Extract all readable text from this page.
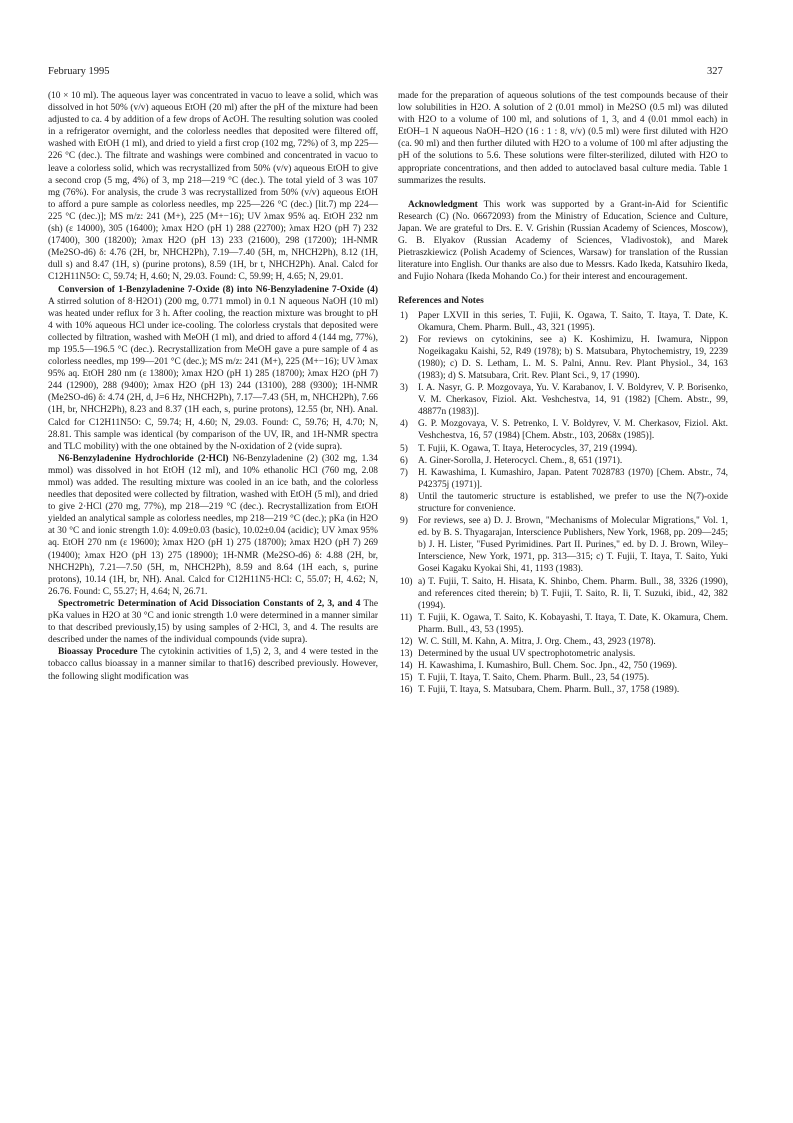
February 1995	327

(10 × 10 ml). The aqueous layer was concentrated in vacuo to leave a solid, which was dissolved in hot 50% (v/v) aqueous EtOH (20 ml) after the pH of the mixture had been adjusted to ca. 4 by addition of a few drops of AcOH. The resulting solution was cooled in a refrigerator overnight, and the colorless needles that deposited were filtered off, washed with EtOH (1 ml), and dried to yield a first crop (102 mg, 72%) of 3, mp 225—226 °C (dec.). The filtrate and washings were combined and concentrated in vacuo to leave a colorless solid, which was recrystallized from 50% (v/v) aqueous EtOH to give a second crop (5 mg, 4%) of 3, mp 218—219 °C (dec.). The total yield of 3 was 107 mg (76%). For analysis, the crude 3 was recrystallized from 50% (v/v) aqueous EtOH to afford a pure sample as colorless needles, mp 225—226 °C (dec.) [lit.7) mp 224—225 °C (dec.)]; MS m/z: 241 (M+), 225 (M+−16); UV λmax 95% aq. EtOH 232 nm (sh) (ε 14000), 305 (16400); λmax H2O (pH 1) 288 (22700); λmax H2O (pH 7) 232 (17400), 300 (18200); λmax H2O (pH 13) 233 (21600), 298 (17200); 1H-NMR (Me2SO-d6) δ: 4.76 (2H, br, NHCH2Ph), 7.19—7.40 (5H, m, NHCH2Ph), 8.12 (1H, dull s) and 8.47 (1H, s) (purine protons), 8.59 (1H, br t, NHCH2Ph). Anal. Calcd for C12H11N5O: C, 59.74; H, 4.60; N, 29.03. Found: C, 59.99; H, 4.65; N, 29.01.

Conversion of 1-Benzyladenine 7-Oxide (8) into N6-Benzyladenine 7-Oxide (4) A stirred solution of 8·H2O1) (200 mg, 0.771 mmol) in 0.1 N aqueous NaOH (10 ml) was heated under reflux for 3 h. After cooling, the reaction mixture was brought to pH 4 with 10% aqueous HCl under ice-cooling. The colorless crystals that deposited were collected by filtration, washed with MeOH (1 ml), and dried to afford 4 (144 mg, 77%), mp 195.5—196.5 °C (dec.). Recrystallization from MeOH gave a pure sample of 4 as colorless needles, mp 199—201 °C (dec.); MS m/z: 241 (M+), 225 (M+−16); UV λmax 95% aq. EtOH 280 nm (ε 13800); λmax H2O (pH 1) 285 (18700); λmax H2O (pH 7) 244 (12900), 288 (9400); λmax H2O (pH 13) 244 (13100), 288 (9300); 1H-NMR (Me2SO-d6) δ: 4.74 (2H, d, J=6 Hz, NHCH2Ph), 7.17—7.43 (5H, m, NHCH2Ph), 7.66 (1H, br, NHCH2Ph), 8.23 and 8.37 (1H each, s, purine protons), 12.55 (br, NH). Anal. Calcd for C12H11N5O: C, 59.74; H, 4.60; N, 29.03. Found: C, 59.76; H, 4.70; N, 28.81. This sample was identical (by comparison of the UV, IR, and 1H-NMR spectra and TLC mobility) with the one obtained by the N-oxidation of 2 (vide supra).

N6-Benzyladenine Hydrochloride (2·HCl) N6-Benzyladenine (2) (302 mg, 1.34 mmol) was dissolved in hot EtOH (12 ml), and 10% ethanolic HCl (760 mg, 2.08 mmol) was added. The resulting mixture was cooled in an ice bath, and the colorless needles that deposited were collected by filtration, washed with EtOH (5 ml), and dried to give 2·HCl (270 mg, 77%), mp 218—219 °C (dec.). Recrystallization from EtOH yielded an analytical sample as colorless needles, mp 218—219 °C (dec.); pKa (in H2O at 30 °C and ionic strength 1.0): 4.09±0.03 (basic), 10.02±0.04 (acidic); UV λmax 95% aq. EtOH 270 nm (ε 19600); λmax H2O (pH 1) 275 (18700); λmax H2O (pH 7) 269 (19400); λmax H2O (pH 13) 275 (18900); 1H-NMR (Me2SO-d6) δ: 4.88 (2H, br, NHCH2Ph), 7.21—7.50 (5H, m, NHCH2Ph), 8.59 and 8.64 (1H each, s, purine protons), 10.14 (1H, br, NH). Anal. Calcd for C12H11N5·HCl: C, 55.07; H, 4.62; N, 26.76. Found: C, 55.27; H, 4.64; N, 26.71.

Spectrometric Determination of Acid Dissociation Constants of 2, 3, and 4 The pKa values in H2O at 30 °C and ionic strength 1.0 were determined in a manner similar to that described previously,15) by using samples of 2·HCl, 3, and 4. The results are described under the names of the individual compounds (vide supra).

Bioassay Procedure The cytokinin activities of 1,5) 2, 3, and 4 were tested in the tobacco callus bioassay in a manner similar to that16) described previously. However, the following slight modification was

made for the preparation of aqueous solutions of the test compounds because of their low solubilities in H2O. A solution of 2 (0.01 mmol) in Me2SO (0.5 ml) was diluted with H2O to a volume of 100 ml, and solutions of 1, 3, and 4 (0.01 mmol each) in EtOH–1 N aqueous NaOH–H2O (16 : 1 : 8, v/v) (0.5 ml) were first diluted with H2O (ca. 90 ml) and then further diluted with H2O to a volume of 100 ml after adjusting the pH of the solutions to 5.6. These solutions were filter-sterilized, diluted with H2O to appropriate concentrations, and then added to autoclaved basal culture media. Table 1 summarizes the results.

Acknowledgment This work was supported by a Grant-in-Aid for Scientific Research (C) (No. 06672093) from the Ministry of Education, Science and Culture, Japan. We are grateful to Drs. E. V. Grishin (Russian Academy of Sciences, Moscow), G. B. Elyakov (Russian Academy of Sciences, Vladivostok), and Marek Pietraszkiewicz (Polish Academy of Sciences, Warsaw) for translation of the Russian literature into English. Our thanks are also due to Messrs. Kado Ikeda, Katsuhiro Ikeda, and Fujio Nohara (Ikeda Mohando Co.) for their interest and encouragement.

References and Notes
1)	Paper LXVII in this series, T. Fujii, K. Ogawa, T. Saito, T. Itaya, T. Date, K. Okamura, Chem. Pharm. Bull., 43, 321 (1995).
2)	For reviews on cytokinins, see a) K. Koshimizu, H. Iwamura, Nippon Nogeikagaku Kaishi, 52, R49 (1978); b) S. Matsubara, Phytochemistry, 19, 2239 (1980); c) D. S. Letham, L. M. S. Palni, Annu. Rev. Plant Physiol., 34, 163 (1983); d) S. Matsubara, Crit. Rev. Plant Sci., 9, 17 (1990).
3)	I. A. Nasyr, G. P. Mozgovaya, Yu. V. Karabanov, I. V. Boldyrev, V. P. Borisenko, V. M. Cherkasov, Fiziol. Akt. Veshchestva, 14, 91 (1982) [Chem. Abstr., 99, 48877n (1983)].
4)	G. P. Mozgovaya, V. S. Petrenko, I. V. Boldyrev, V. M. Cherkasov, Fiziol. Akt. Veshchestva, 16, 57 (1984) [Chem. Abstr., 103, 2068x (1985)].
5)	T. Fujii, K. Ogawa, T. Itaya, Heterocycles, 37, 219 (1994).
6)	A. Giner-Sorolla, J. Heterocycl. Chem., 8, 651 (1971).
7)	H. Kawashima, I. Kumashiro, Japan. Patent 7028783 (1970) [Chem. Abstr., 74, P42375j (1971)].
8)	Until the tautomeric structure is established, we prefer to use the N(7)-oxide structure for convenience.
9)	For reviews, see a) D. J. Brown, "Mechanisms of Molecular Migrations," Vol. 1, ed. by B. S. Thyagarajan, Interscience Publishers, New York, 1968, pp. 209—245; b) J. H. Lister, "Fused Pyrimidines. Part II. Purines," ed. by D. J. Brown, Wiley–Interscience, New York, 1971, pp. 313—315; c) T. Fujii, T. Itaya, T. Saito, Yuki Gosei Kagaku Kyokai Shi, 41, 1193 (1983).
10) a) T. Fujii, T. Saito, H. Hisata, K. Shinbo, Chem. Pharm. Bull., 38, 3326 (1990), and references cited therein; b) T. Fujii, T. Saito, R. Ii, T. Suzuki, ibid., 42, 382 (1994).
11) T. Fujii, K. Ogawa, T. Saito, K. Kobayashi, T. Itaya, T. Date, K. Okamura, Chem. Pharm. Bull., 43, 53 (1995).
12) W. C. Still, M. Kahn, A. Mitra, J. Org. Chem., 43, 2923 (1978).
13) Determined by the usual UV spectrophotometric analysis.
14) H. Kawashima, I. Kumashiro, Bull. Chem. Soc. Jpn., 42, 750 (1969).
15) T. Fujii, T. Itaya, T. Saito, Chem. Pharm. Bull., 23, 54 (1975).
16) T. Fujii, T. Itaya, S. Matsubara, Chem. Pharm. Bull., 37, 1758 (1989).
